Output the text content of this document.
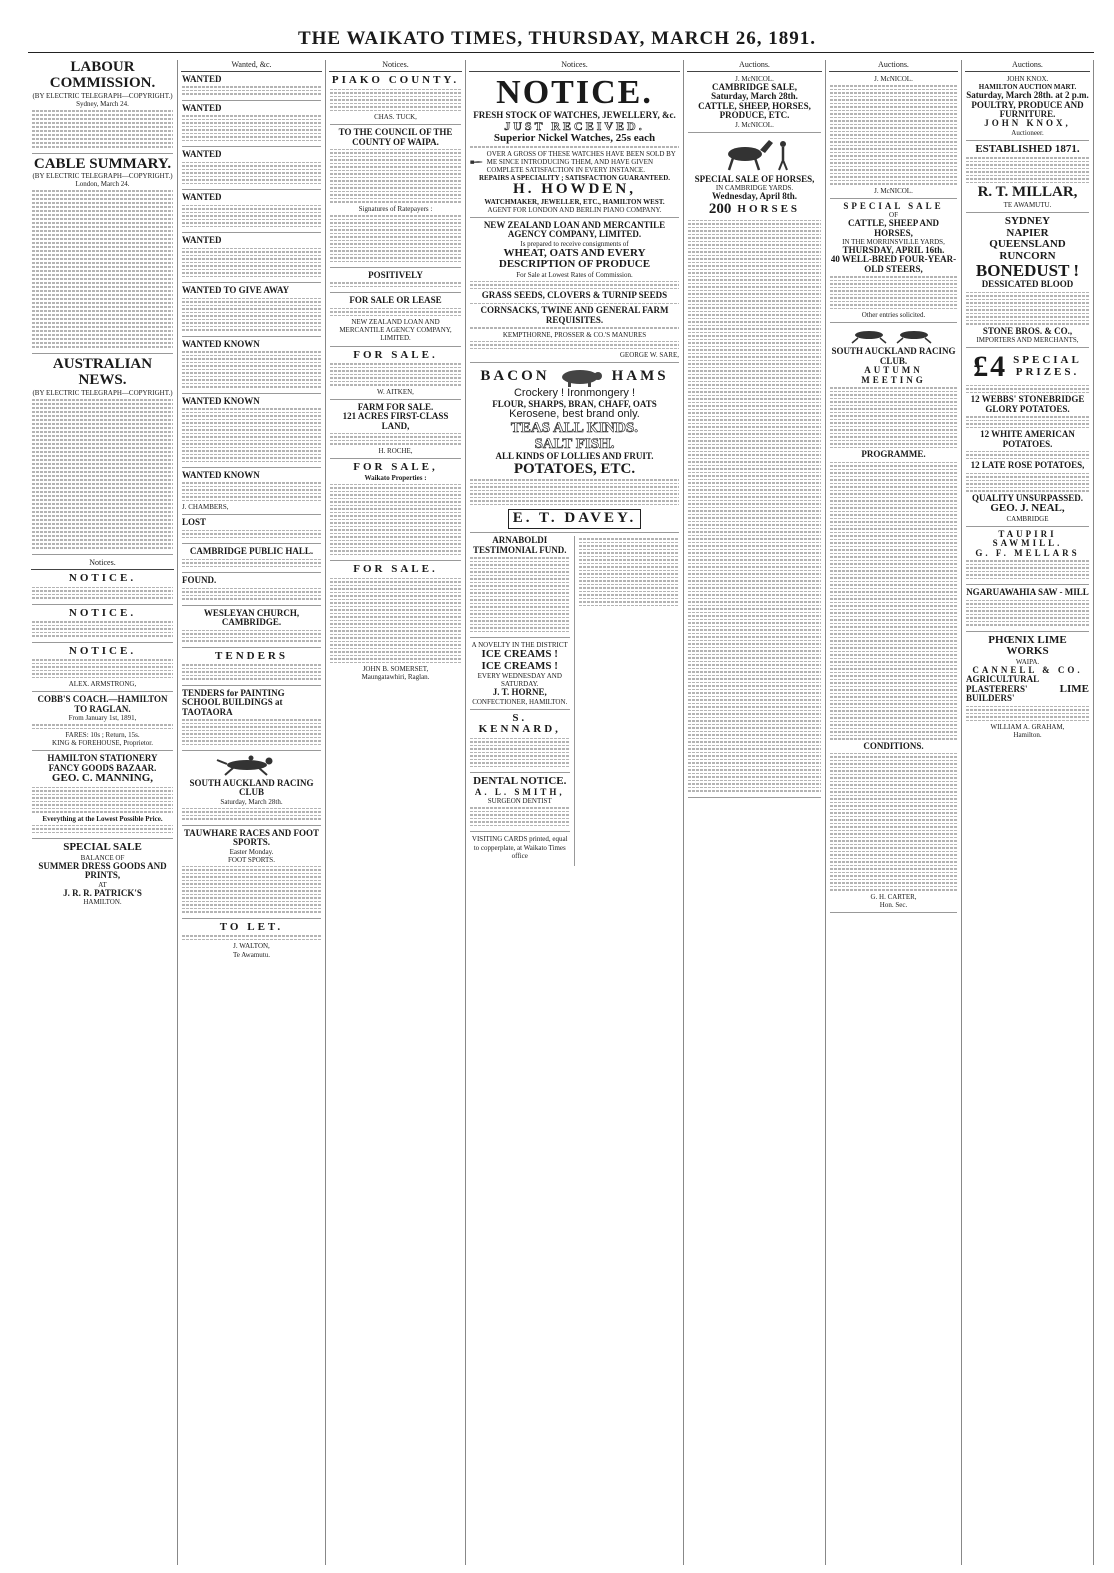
THE WAIKATO TIMES, THURSDAY, MARCH 26, 1891.
LABOUR COMMISSION.
(BY ELECTRIC TELEGRAPH—COPYRIGHT.) Sydney, March 24.
CABLE SUMMARY.
(BY ELECTRIC TELEGRAPH—COPYRIGHT.) London, March 24.
AUSTRALIAN NEWS.
(BY ELECTRIC TELEGRAPH—COPYRIGHT.)
Notices.
NOTICE.
NOTICE.
NOTICE.
ALEX. ARMSTRONG,
COBB'S COACH.—HAMILTON TO RAGLAN.
From January 1st, 1891,
FARES: 10s ; Return, 15s.
KING & FOREHOUSE, Proprietor.
HAMILTON STATIONERY
FANCY GOODS BAZAAR.
GEO. C. MANNING,
Everything at the Lowest Possible Price.
SPECIAL SALE
BALANCE OF
SUMMER DRESS GOODS AND PRINTS,
AT
J. R. R. PATRICK'S
HAMILTON.
Wanted, &c.
WANTED
WANTED
WANTED
WANTED
WANTED
WANTED TO GIVE AWAY
WANTED KNOWN
WANTED KNOWN
WANTED KNOWN
J. CHAMBERS,
LOST
CAMBRIDGE PUBLIC HALL.
FOUND.
WESLEYAN CHURCH, CAMBRIDGE.
TENDERS
TENDERS for PAINTING SCHOOL BUILDINGS at TAOTAORA
SOUTH AUCKLAND RACING CLUB
Saturday, March 28th.
TAUWHARE RACES AND FOOT SPORTS.
Easter Monday.
FOOT SPORTS.
TO LET.
J. WALTON,
Te Awamutu.
Notices.
PIAKO COUNTY.
CHAS. TUCK,
TO THE COUNCIL OF THE COUNTY OF WAIPA.
Signatures of Ratepayers :
POSITIVELY
FOR SALE OR LEASE
NEW ZEALAND LOAN AND MERCANTILE AGENCY COMPANY, LIMITED.
FOR SALE.
W. AITKEN,
FARM FOR SALE.
121 ACRES FIRST-CLASS LAND,
H. ROCHE,
FOR SALE,
Waikato Properties :
FOR SALE.
JOHN B. SOMERSET,
Maungatawhiri, Raglan.
Notices.
NOTICE.
FRESH STOCK OF WATCHES, JEWELLERY, &c.
JUST RECEIVED.
Superior Nickel Watches, 25s each
OVER A GROSS OF THESE WATCHES HAVE BEEN SOLD BY ME SINCE INTRODUCING THEM, AND HAVE GIVEN COMPLETE SATISFACTION IN EVERY INSTANCE.
REPAIRS A SPECIALITY ; SATISFACTION GUARANTEED.
H. HOWDEN,
WATCHMAKER, JEWELLER, ETC., HAMILTON WEST.
AGENT FOR LONDON AND BERLIN PIANO COMPANY.
NEW ZEALAND LOAN AND MERCANTILE AGENCY COMPANY, LIMITED.
Is prepared to receive consignments of
WHEAT, OATS AND EVERY DESCRIPTION OF PRODUCE
For Sale at Lowest Rates of Commission.
GRASS SEEDS, CLOVERS & TURNIP SEEDS
CORNSACKS, TWINE AND GENERAL FARM REQUISITES.
KEMPTHORNE, PROSSER & CO.'S MANURES
GEORGE W. SARE,
BACON	HAMS
Crockery ! Ironmongery !
FLOUR, SHARPS, BRAN, CHAFF, OATS
Kerosene, best brand only.
TEAS ALL KINDS.
SALT FISH.
ALL KINDS OF LOLLIES AND FRUIT.
POTATOES, ETC.
E. T. DAVEY.
ARNABOLDI TESTIMONIAL FUND.
A NOVELTY IN THE DISTRICT
ICE CREAMS !
ICE CREAMS !
EVERY WEDNESDAY AND SATURDAY.
J. T. HORNE,
CONFECTIONER, HAMILTON.
S. KENNARD,
DENTAL NOTICE.
A. L. SMITH,
SURGEON DENTIST
VISITING CARDS printed, equal to copperplate, at Waikato Times office
Auctions.
J. McNICOL.
CAMBRIDGE SALE,
Saturday, March 28th.
CATTLE, SHEEP, HORSES, PRODUCE, ETC.
J. McNICOL.
SPECIAL SALE OF HORSES,
IN CAMBRIDGE YARDS.
Wednesday, April 8th.
200 HORSES
Auctions.
J. McNICOL.
J. McNICOL.
SPECIAL SALE
OF
CATTLE, SHEEP AND HORSES,
IN THE MORRINSVILLE YARDS,
THURSDAY, APRIL 16th.
40 WELL-BRED FOUR-YEAR-OLD STEERS,
Other entries solicited.
SOUTH AUCKLAND RACING CLUB.
AUTUMN MEETING
PROGRAMME.
CONDITIONS.
G. H. CARTER,
Hon. Sec.
Auctions.
JOHN KNOX.
HAMILTON AUCTION MART.
Saturday, March 28th. at 2 p.m.
POULTRY, PRODUCE AND FURNITURE.
JOHN KNOX,
Auctioneer.
ESTABLISHED 1871.
R. T. MILLAR,
TE AWAMUTU.
SYDNEY
NAPIER
QUEENSLAND
RUNCORN
BONEDUST !
DESSICATED BLOOD
STONE BROS. & CO.,
IMPORTERS AND MERCHANTS,
£4 SPECIAL
PRIZES.
12 WEBBS' STONEBRIDGE GLORY POTATOES.
12 WHITE AMERICAN POTATOES.
12 LATE ROSE POTATOES,
QUALITY UNSURPASSED.
GEO. J. NEAL,
CAMBRIDGE
TAUPIRI SAWMILL.
G. F. MELLARS
NGARUAWAHIA SAW - MILL
PHŒNIX LIME WORKS
WAIPA.
CANNELL & CO.
AGRICULTURAL
PLASTERERS'
BUILDERS'
LIME
WILLIAM A. GRAHAM,
Hamilton.
